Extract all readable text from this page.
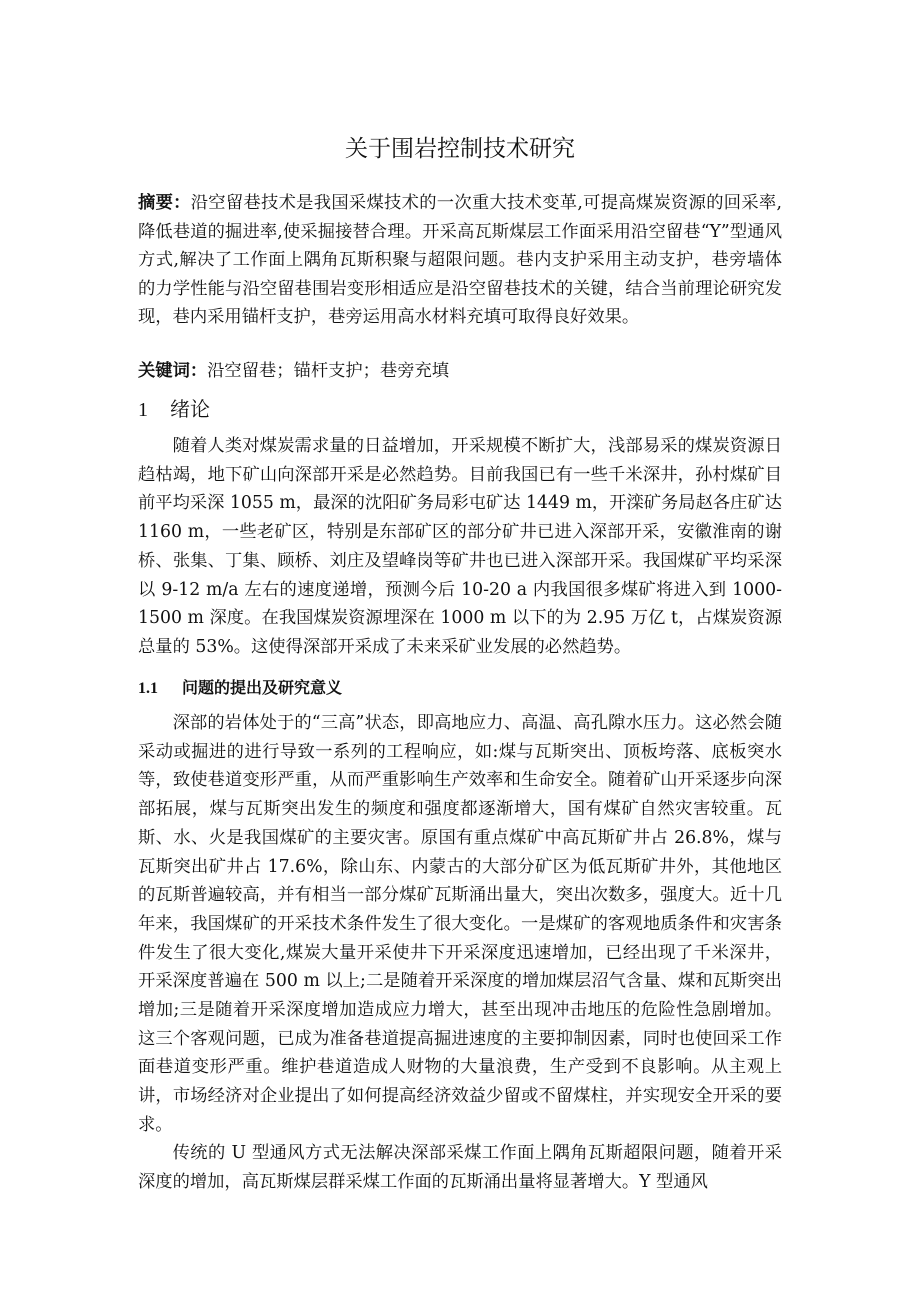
关于围岩控制技术研究

摘要：沿空留巷技术是我国采煤技术的一次重大技术变革,可提高煤炭资源的回采率,降低巷道的掘进率,使采掘接替合理。开采高瓦斯煤层工作面采用沿空留巷“Y”型通风方式,解决了工作面上隅角瓦斯积聚与超限问题。巷内支护采用主动支护，巷旁墙体的力学性能与沿空留巷围岩变形相适应是沿空留巷技术的关键，结合当前理论研究发现，巷内采用锚杆支护，巷旁运用高水材料充填可取得良好效果。

关键词：沿空留巷；锚杆支护；巷旁充填

1 绪论

随着人类对煤炭需求量的日益增加，开采规模不断扩大，浅部易采的煤炭资源日趋枯竭，地下矿山向深部开采是必然趋势。目前我国已有一些千米深井，孙村煤矿目前平均采深 1055 m，最深的沈阳矿务局彩屯矿达 1449 m，开滦矿务局赵各庄矿达 1160 m，一些老矿区，特别是东部矿区的部分矿井已进入深部开采，安徽淮南的谢桥、张集、丁集、顾桥、刘庄及望峰岗等矿井也已进入深部开采。我国煤矿平均采深以 9-12 m/a 左右的速度递增，预测今后 10-20 a 内我国很多煤矿将进入到 1000-1500 m 深度。在我国煤炭资源埋深在 1000 m 以下的为 2.95 万亿 t，占煤炭资源总量的 53%。这使得深部开采成了未来采矿业发展的必然趋势。

1.1 问题的提出及研究意义

深部的岩体处于的“三高”状态，即高地应力、高温、高孔隙水压力。这必然会随采动或掘进的进行导致一系列的工程响应，如:煤与瓦斯突出、顶板垮落、底板突水等，致使巷道变形严重，从而严重影响生产效率和生命安全。随着矿山开采逐步向深部拓展，煤与瓦斯突出发生的频度和强度都逐渐增大，国有煤矿自然灾害较重。瓦斯、水、火是我国煤矿的主要灾害。原国有重点煤矿中高瓦斯矿井占 26.8%，煤与瓦斯突出矿井占 17.6%，除山东、内蒙古的大部分矿区为低瓦斯矿井外，其他地区的瓦斯普遍较高，并有相当一部分煤矿瓦斯涌出量大，突出次数多，强度大。近十几年来，我国煤矿的开采技术条件发生了很大变化。一是煤矿的客观地质条件和灾害条件发生了很大变化,煤炭大量开采使井下开采深度迅速增加，已经出现了千米深井，开采深度普遍在 500 m 以上;二是随着开采深度的增加煤层沼气含量、煤和瓦斯突出增加;三是随着开采深度增加造成应力增大，甚至出现冲击地压的危险性急剧增加。这三个客观问题，已成为准备巷道提高掘进速度的主要抑制因素，同时也使回采工作面巷道变形严重。维护巷道造成人财物的大量浪费，生产受到不良影响。从主观上讲，市场经济对企业提出了如何提高经济效益少留或不留煤柱，并实现安全开采的要求。

传统的 U 型通风方式无法解决深部采煤工作面上隅角瓦斯超限问题，随着开采深度的增加，高瓦斯煤层群采煤工作面的瓦斯涌出量将显著增大。Y 型通风
